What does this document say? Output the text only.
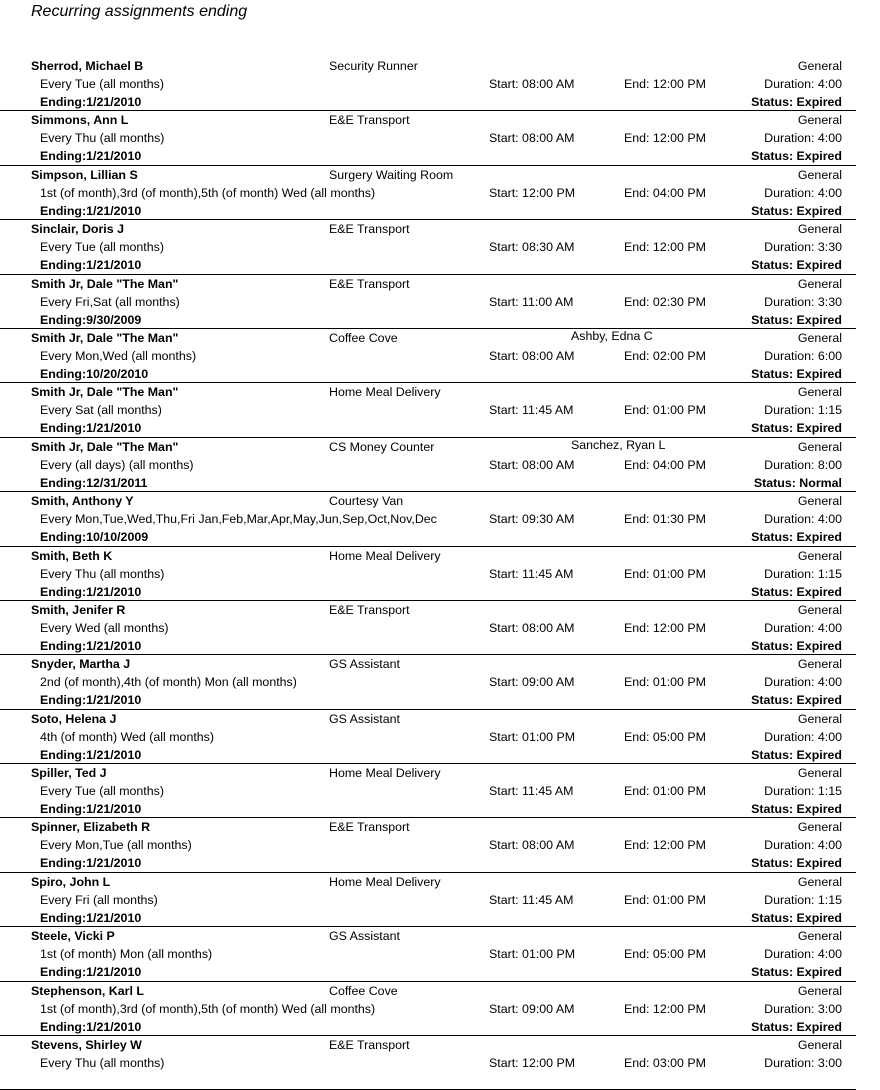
Recurring assignments ending
Sherrod, Michael B	Security Runner	General
Every Tue (all months)	Start: 08:00 AM	End: 12:00 PM	Duration: 4:00
Ending:1/21/2010	Status: Expired
Simmons, Ann L	E&E Transport	General
Every Thu (all months)	Start: 08:00 AM	End: 12:00 PM	Duration: 4:00
Ending:1/21/2010	Status: Expired
Simpson, Lillian S	Surgery Waiting Room	General
1st (of month),3rd (of month),5th (of month) Wed (all months)	Start: 12:00 PM	End: 04:00 PM	Duration: 4:00
Ending:1/21/2010	Status: Expired
Sinclair, Doris J	E&E Transport	General
Every Tue (all months)	Start: 08:30 AM	End: 12:00 PM	Duration: 3:30
Ending:1/21/2010	Status: Expired
Smith Jr, Dale "The Man"	E&E Transport	General
Every Fri,Sat (all months)	Start: 11:00 AM	End: 02:30 PM	Duration: 3:30
Ending:9/30/2009	Status: Expired
Smith Jr, Dale "The Man"	Coffee Cove	Ashby, Edna C	General
Every Mon,Wed (all months)	Start: 08:00 AM	End: 02:00 PM	Duration: 6:00
Ending:10/20/2010	Status: Expired
Smith Jr, Dale "The Man"	Home Meal Delivery	General
Every Sat (all months)	Start: 11:45 AM	End: 01:00 PM	Duration: 1:15
Ending:1/21/2010	Status: Expired
Smith Jr, Dale "The Man"	CS Money Counter	Sanchez, Ryan L	General
Every (all days) (all months)	Start: 08:00 AM	End: 04:00 PM	Duration: 8:00
Ending:12/31/2011	Status: Normal
Smith, Anthony Y	Courtesy Van	General
Every Mon,Tue,Wed,Thu,Fri Jan,Feb,Mar,Apr,May,Jun,Sep,Oct,Nov,Dec	Start: 09:30 AM	End: 01:30 PM	Duration: 4:00
Ending:10/10/2009	Status: Expired
Smith, Beth K	Home Meal Delivery	General
Every Thu (all months)	Start: 11:45 AM	End: 01:00 PM	Duration: 1:15
Ending:1/21/2010	Status: Expired
Smith, Jenifer R	E&E Transport	General
Every Wed (all months)	Start: 08:00 AM	End: 12:00 PM	Duration: 4:00
Ending:1/21/2010	Status: Expired
Snyder, Martha J	GS Assistant	General
2nd (of month),4th (of month) Mon (all months)	Start: 09:00 AM	End: 01:00 PM	Duration: 4:00
Ending:1/21/2010	Status: Expired
Soto, Helena J	GS Assistant	General
4th (of month) Wed (all months)	Start: 01:00 PM	End: 05:00 PM	Duration: 4:00
Ending:1/21/2010	Status: Expired
Spiller, Ted J	Home Meal Delivery	General
Every Tue (all months)	Start: 11:45 AM	End: 01:00 PM	Duration: 1:15
Ending:1/21/2010	Status: Expired
Spinner, Elizabeth R	E&E Transport	General
Every Mon,Tue (all months)	Start: 08:00 AM	End: 12:00 PM	Duration: 4:00
Ending:1/21/2010	Status: Expired
Spiro, John L	Home Meal Delivery	General
Every Fri (all months)	Start: 11:45 AM	End: 01:00 PM	Duration: 1:15
Ending:1/21/2010	Status: Expired
Steele, Vicki P	GS Assistant	General
1st (of month) Mon (all months)	Start: 01:00 PM	End: 05:00 PM	Duration: 4:00
Ending:1/21/2010	Status: Expired
Stephenson, Karl L	Coffee Cove	General
1st (of month),3rd (of month),5th (of month) Wed (all months)	Start: 09:00 AM	End: 12:00 PM	Duration: 3:00
Ending:1/21/2010	Status: Expired
Stevens, Shirley W	E&E Transport	General
Every Thu (all months)	Start: 12:00 PM	End: 03:00 PM	Duration: 3:00
